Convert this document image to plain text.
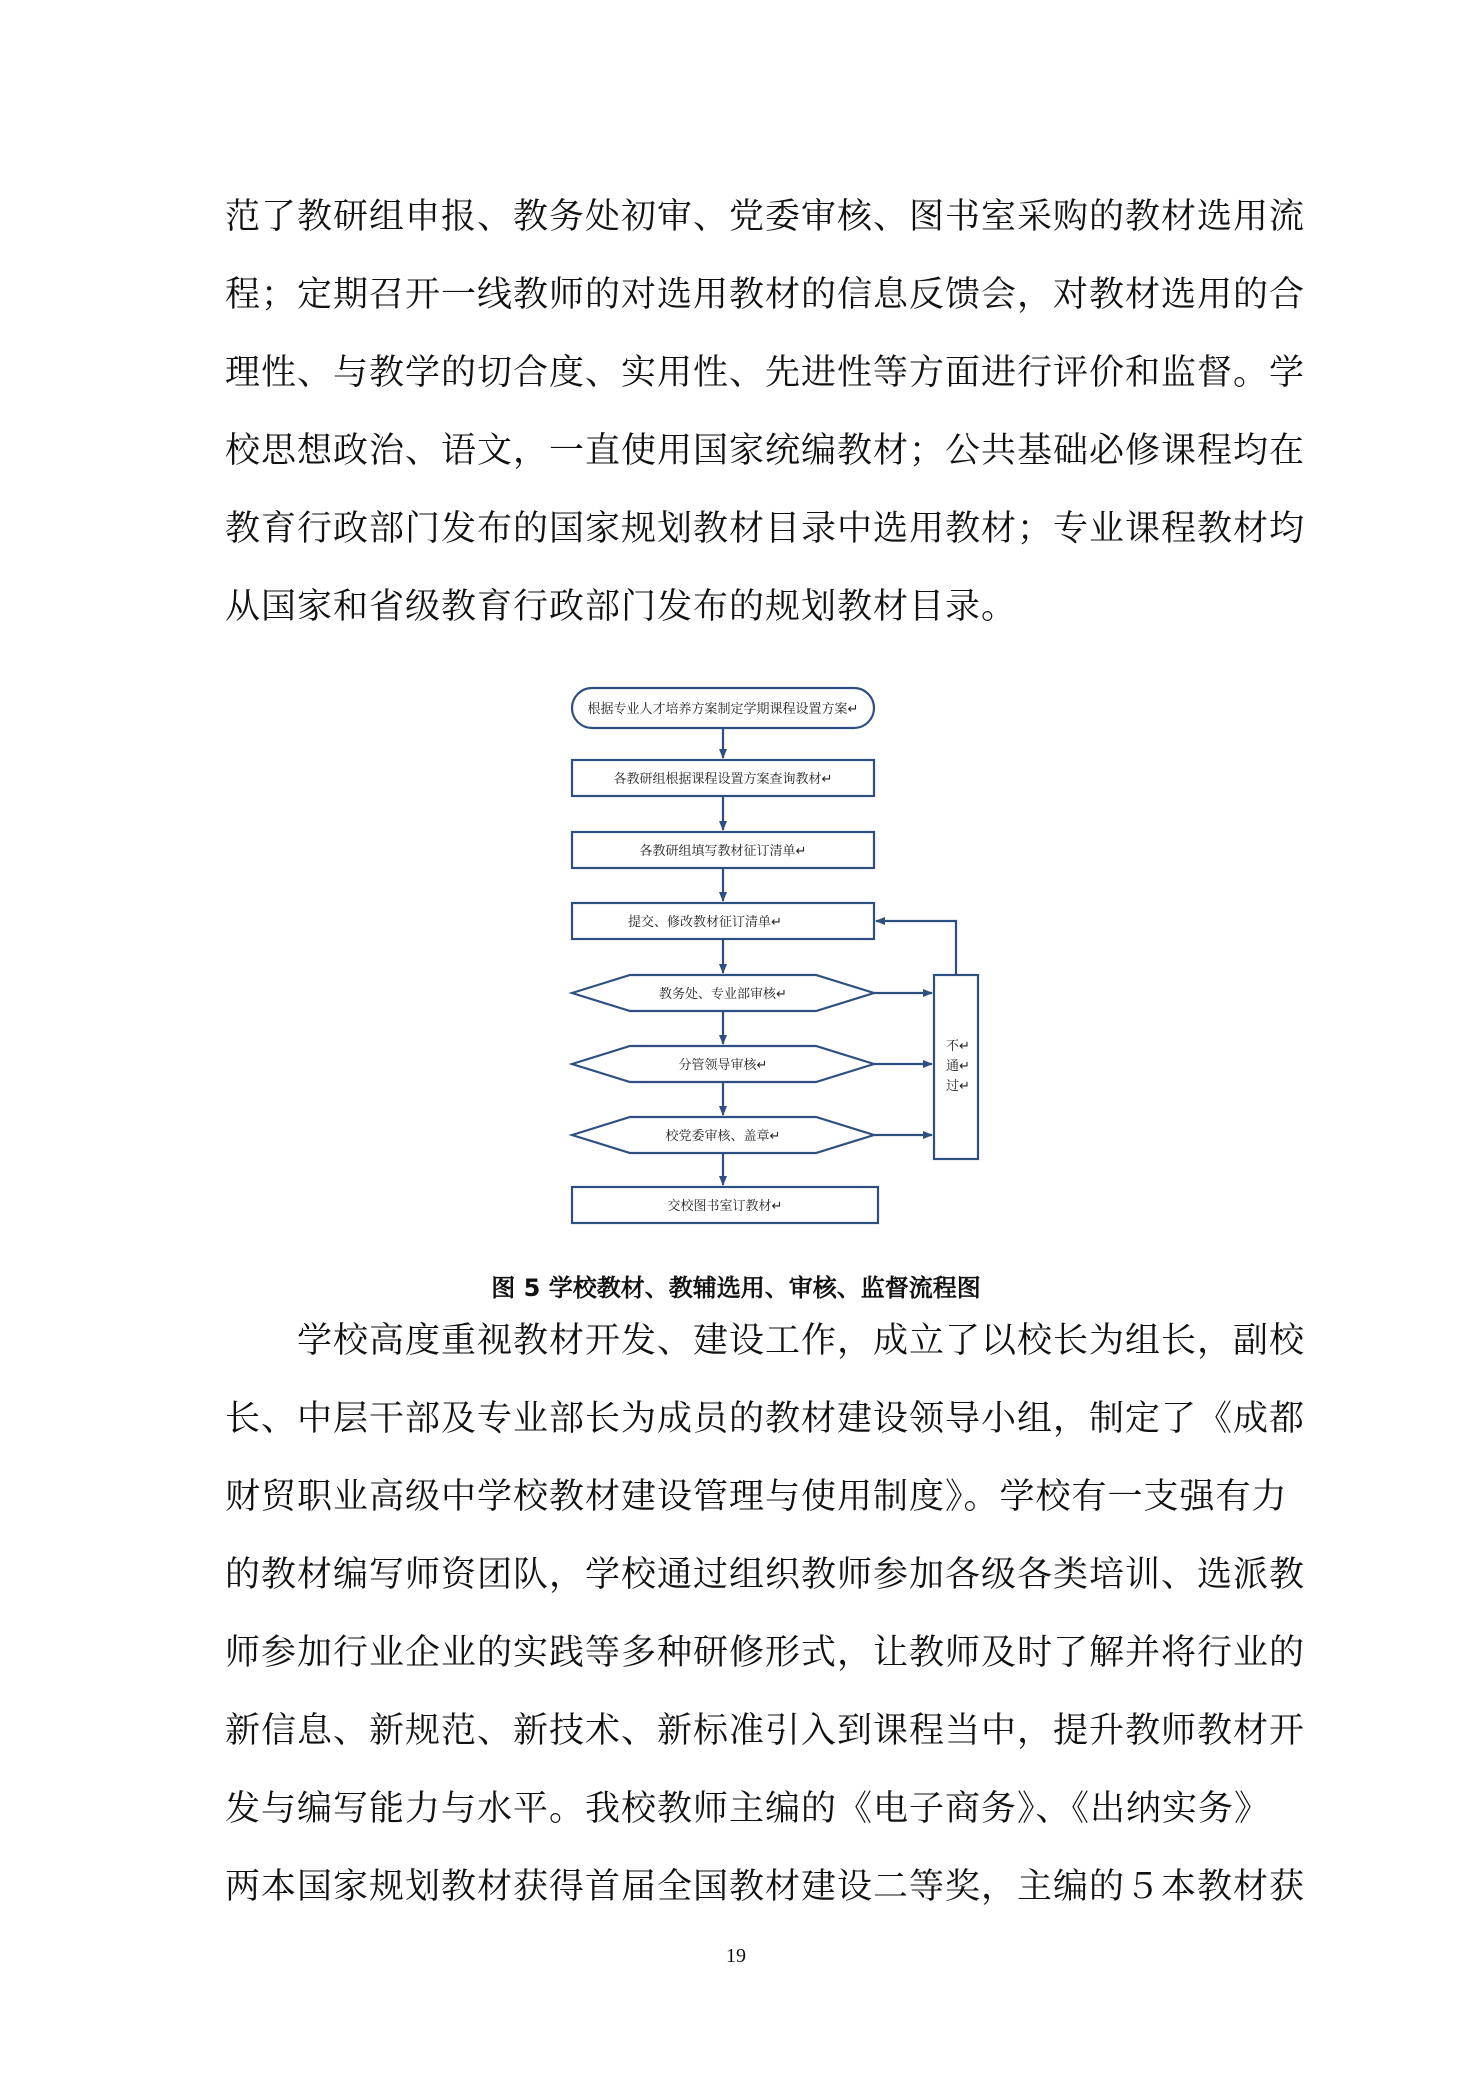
范了教研组申报、教务处初审、党委审核、图书室采购的教材选用流
程；定期召开一线教师的对选用教材的信息反馈会，对教材选用的合
理性、与教学的切合度、实用性、先进性等方面进行评价和监督。学
校思想政治、语文，一直使用国家统编教材；公共基础必修课程均在
教育行政部门发布的国家规划教材目录中选用教材；专业课程教材均
从国家和省级教育行政部门发布的规划教材目录。
根据专业人才培养方案制定学期课程设置方案↵
各教研组根据课程设置方案查询教材↵
各教研组填写教材征订清单↵
提交、修改教材征订清单↵
教务处、专业部审核↵
分管领导审核↵
校党委审核、盖章↵
交校图书室订教材↵
不↵
通↵
过↵
图 5 学校教材、教辅选用、审核、监督流程图
　　学校高度重视教材开发、建设工作，成立了以校长为组长，副校
长、中层干部及专业部长为成员的教材建设领导小组，制定了《成都
财贸职业高级中学校教材建设管理与使用制度》。学校有一支强有力
的教材编写师资团队，学校通过组织教师参加各级各类培训、选派教
师参加行业企业的实践等多种研修形式，让教师及时了解并将行业的
新信息、新规范、新技术、新标准引入到课程当中，提升教师教材开
发与编写能力与水平。我校教师主编的《电子商务》、《出纳实务》
两本国家规划教材获得首届全国教材建设二等奖，主编的５本教材获
19
